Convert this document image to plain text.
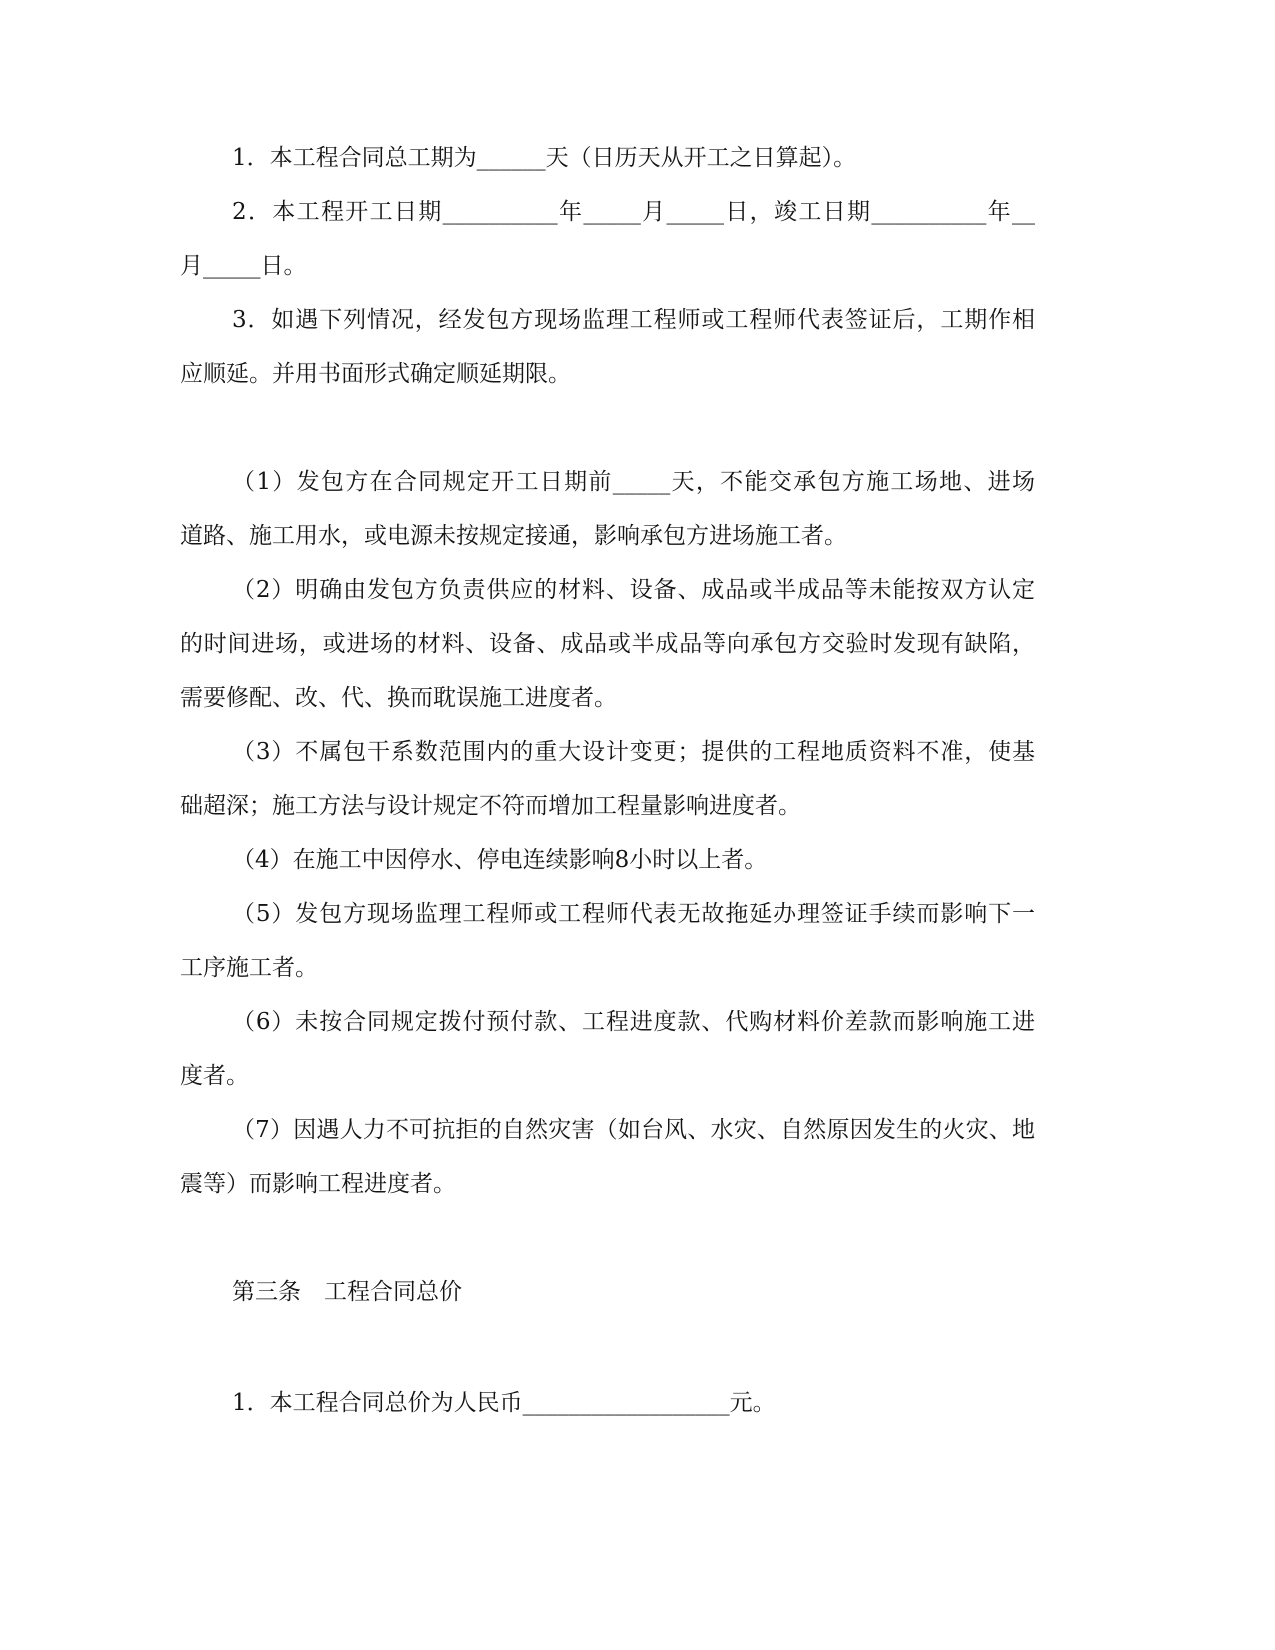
1．本工程合同总工期为______天（日历天从开工之日算起）。
2．本工程开工日期__________年_____月_____日，竣工日期__________年__
月_____日。
3．如遇下列情况，经发包方现场监理工程师或工程师代表签证后，工期作相
应顺延。并用书面形式确定顺延期限。
（1）发包方在合同规定开工日期前_____天，不能交承包方施工场地、进场
道路、施工用水，或电源未按规定接通，影响承包方进场施工者。
（2）明确由发包方负责供应的材料、设备、成品或半成品等未能按双方认定
的时间进场，或进场的材料、设备、成品或半成品等向承包方交验时发现有缺陷，
需要修配、改、代、换而耽误施工进度者。
（3）不属包干系数范围内的重大设计变更；提供的工程地质资料不准，使基
础超深；施工方法与设计规定不符而增加工程量影响进度者。
（4）在施工中因停水、停电连续影响8小时以上者。
（5）发包方现场监理工程师或工程师代表无故拖延办理签证手续而影响下一
工序施工者。
（6）未按合同规定拨付预付款、工程进度款、代购材料价差款而影响施工进
度者。
（7）因遇人力不可抗拒的自然灾害（如台风、水灾、自然原因发生的火灾、地
震等）而影响工程进度者。
第三条　工程合同总价
1．本工程合同总价为人民币__________________元。
